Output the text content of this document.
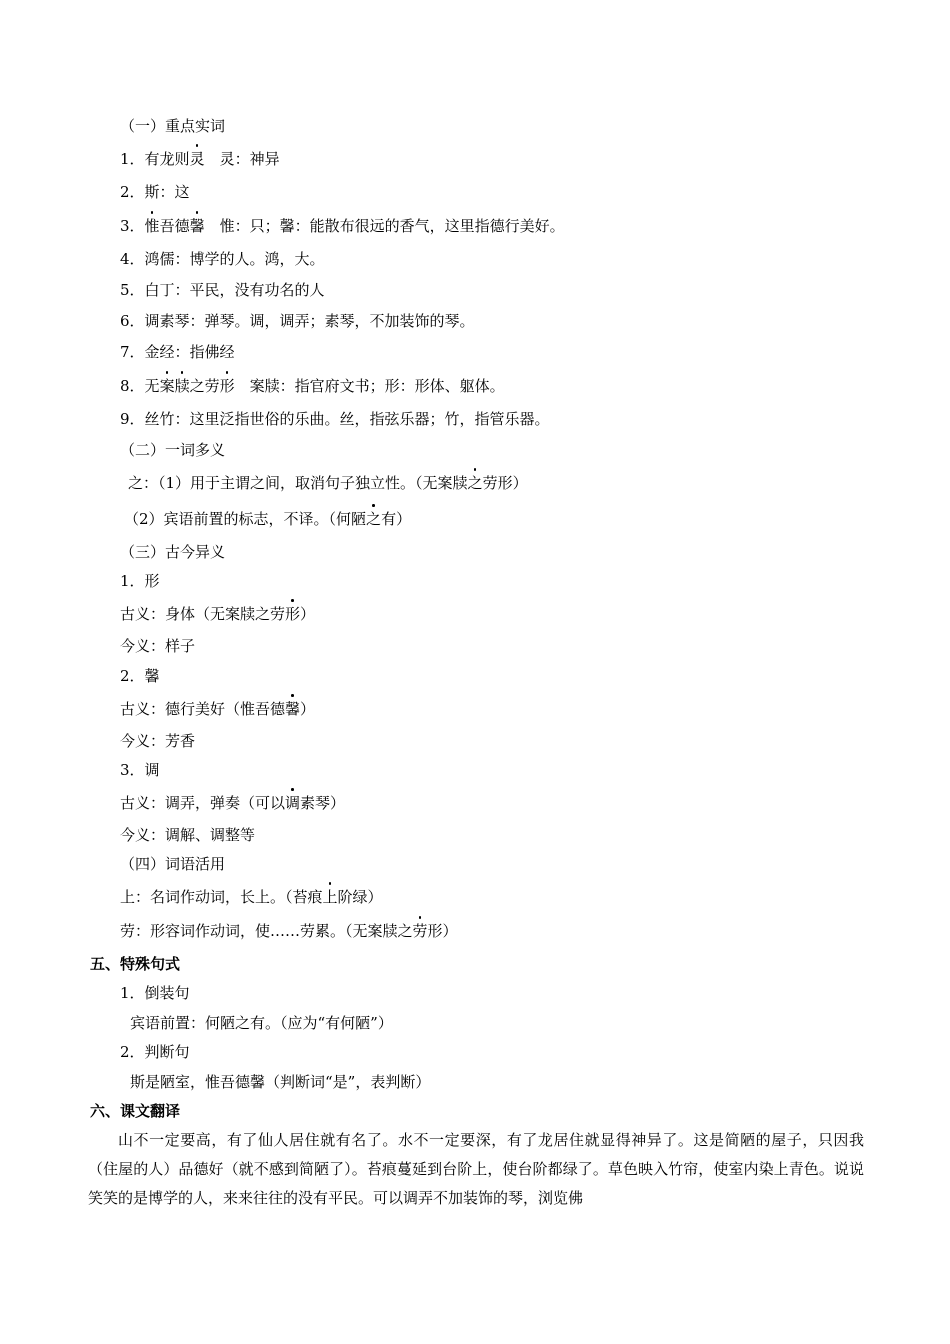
（一）重点实词
1．有龙则灵　灵：神异
2．斯：这
3．惟吾德馨　惟：只；馨：能散布很远的香气，这里指德行美好。
4．鸿儒：博学的人。鸿，大。
5．白丁：平民，没有功名的人
6．调素琴：弹琴。调，调弄；素琴，不加装饰的琴。
7．金经：指佛经
8．无案牍之劳形　案牍：指官府文书；形：形体、躯体。
9．丝竹：这里泛指世俗的乐曲。丝，指弦乐器；竹，指管乐器。
（二）一词多义
之：（1）用于主谓之间，取消句子独立性。（无案牍之劳形）
（2）宾语前置的标志，不译。（何陋之有）
（三）古今异义
1．形
古义：身体（无案牍之劳形）
今义：样子
2．馨
古义：德行美好（惟吾德馨）
今义：芳香
3．调
古义：调弄，弹奏（可以调素琴）
今义：调解、调整等
（四）词语活用
上：名词作动词，长上。（苔痕上阶绿）
劳：形容词作动词，使……劳累。（无案牍之劳形）
五、特殊句式
1．倒装句
宾语前置：何陋之有。（应为“有何陋”）
2．判断句
斯是陋室，惟吾德馨（判断词“是”，表判断）
六、课文翻译
山不一定要高，有了仙人居住就有名了。水不一定要深，有了龙居住就显得神异了。这是简陋的屋子，只因我（住屋的人）品德好（就不感到简陋了）。苔痕蔓延到台阶上，使台阶都绿了。草色映入竹帘，使室内染上青色。说说笑笑的是博学的人，来来往往的没有平民。可以调弄不加装饰的琴，浏览佛
